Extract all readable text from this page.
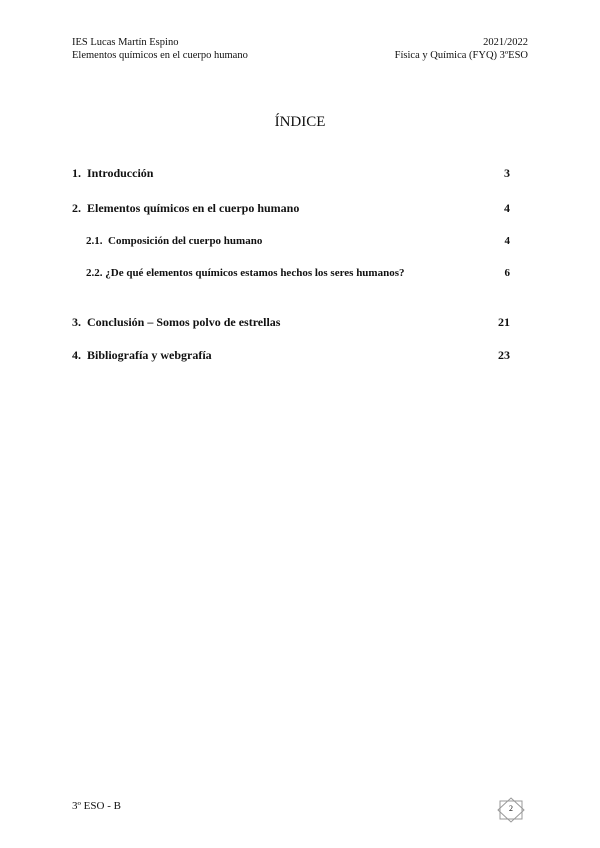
IES Lucas Martín Espino
Elementos químicos en el cuerpo humano
2021/2022
Física y Química (FYQ) 3ºESO
ÍNDICE
1. Introducción	3
2. Elementos químicos en el cuerpo humano	4
2.1. Composición del cuerpo humano	4
2.2. ¿De qué elementos químicos estamos hechos los seres humanos?	6
3. Conclusión – Somos polvo de estrellas	21
4. Bibliografía y webgrafía	23
3º ESO - B	2
